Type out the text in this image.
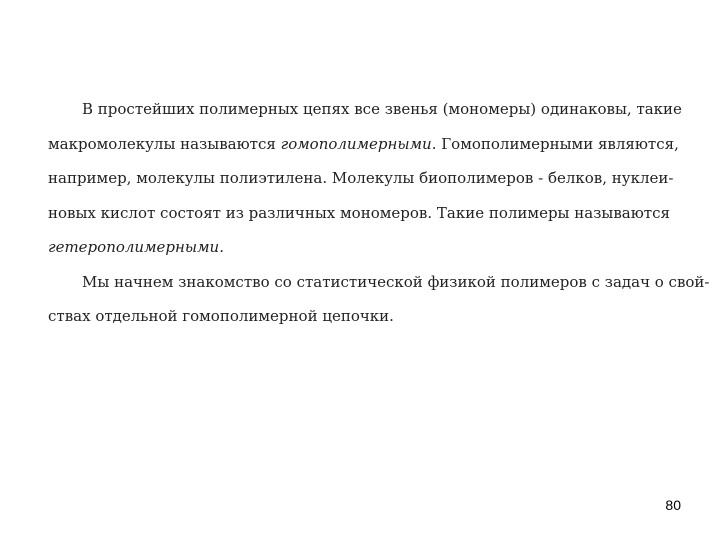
В простейших полимерных цепях все звенья (мономеры) одинаковы, такие
макромолекулы называются гомополимерными. Гомополимерными являются,
например, молекулы полиэтилена. Молекулы биополимеров - белков, нуклеи-
новых кислот состоят из различных мономеров. Такие полимеры называются
гетерополимерными.

Мы начнем знакомство со статистической физикой полимеров с задач о свой-
ствах отдельной гомополимерной цепочки.

80
